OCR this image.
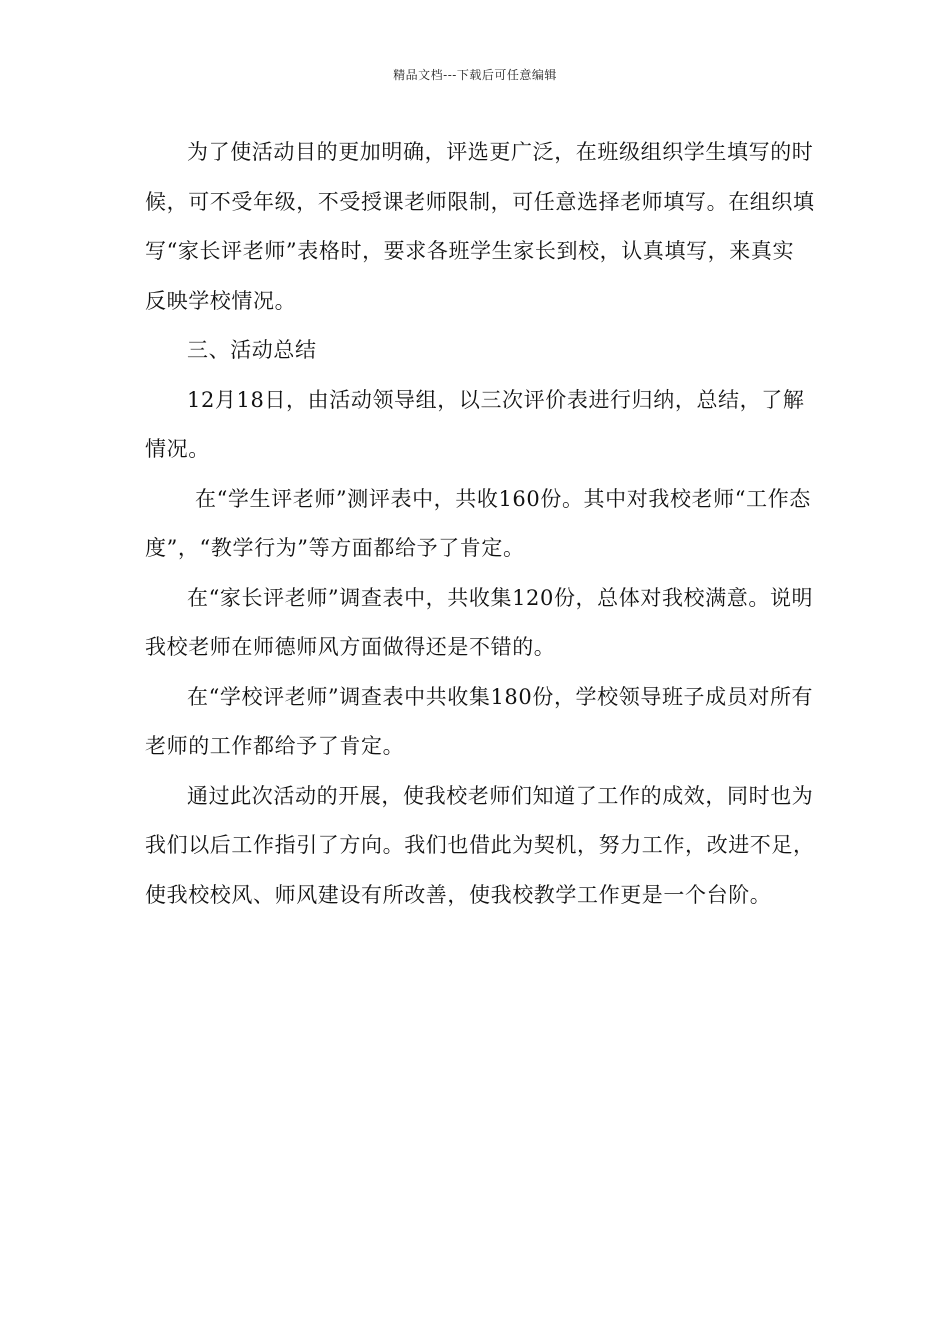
精品文档---下载后可任意编辑

为了使活动目的更加明确，评选更广泛，在班级组织学生填写的时候，可不受年级，不受授课老师限制，可任意选择老师填写。在组织填写“家长评老师”表格时，要求各班学生家长到校，认真填写，来真实反映学校情况。

三、活动总结

12月18日，由活动领导组，以三次评价表进行归纳，总结，了解情况。

在“学生评老师”测评表中，共收160份。其中对我校老师“工作态度”，“教学行为”等方面都给予了肯定。

在“家长评老师”调查表中，共收集120份，总体对我校满意。说明我校老师在师德师风方面做得还是不错的。

在“学校评老师”调查表中共收集180份，学校领导班子成员对所有老师的工作都给予了肯定。

通过此次活动的开展，使我校老师们知道了工作的成效，同时也为我们以后工作指引了方向。我们也借此为契机，努力工作，改进不足，使我校校风、师风建设有所改善，使我校教学工作更是一个台阶。
